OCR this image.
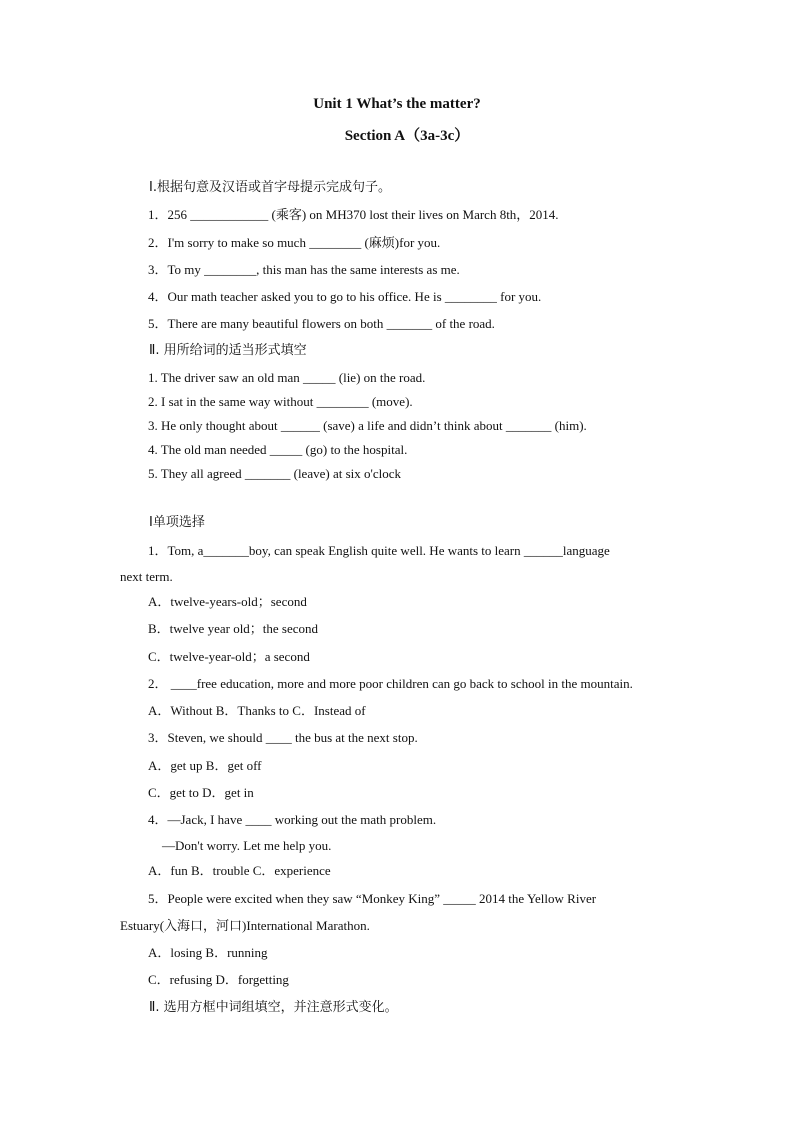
Unit 1 What’s the matter?
Section A（3a-3c）
Ⅰ.根据句意及汉语或首字母提示完成句子。
1．256 ____________ (乘客) on MH370 lost their lives on March 8th，2014.
2．I'm sorry to make so much ________ (麻烦)for you.
3．To my ________, this man has the same interests as me.
4．Our math teacher asked you to go to his office. He is ________ for you.
5．There are many beautiful flowers on both _______ of the road.
Ⅱ. 用所给词的适当形式填空
1. The driver saw an old man _____ (lie) on the road.
2. I sat in the same way without ________ (move).
3. He only thought about ______ (save) a life and didn’t think about _______ (him).
4. The old man needed _____ (go) to the hospital.
5. They all agreed _______ (leave) at six o'clock
Ⅰ单项选择
1．Tom, a_______boy, can speak English quite well. He wants to learn ______language
next term.
A．twelve-years-old；second
B．twelve year old；the second
C．twelve-year-old；a second
2． ____free education, more and more poor children can go back to school in the mountain.
A．Without B．Thanks to C．Instead of
3．Steven, we should ____ the bus at the next stop.
A．get up B．get off
C．get to D．get in
4．—Jack, I have ____ working out the math problem.
—Don't worry. Let me help you.
A．fun B．trouble C．experience
5．People were excited when they saw “Monkey King” _____ 2014 the Yellow River
Estuary(入海口，河口)International Marathon.
A．losing B．running
C．refusing D．forgetting
Ⅱ. 选用方框中词组填空，并注意形式变化。
